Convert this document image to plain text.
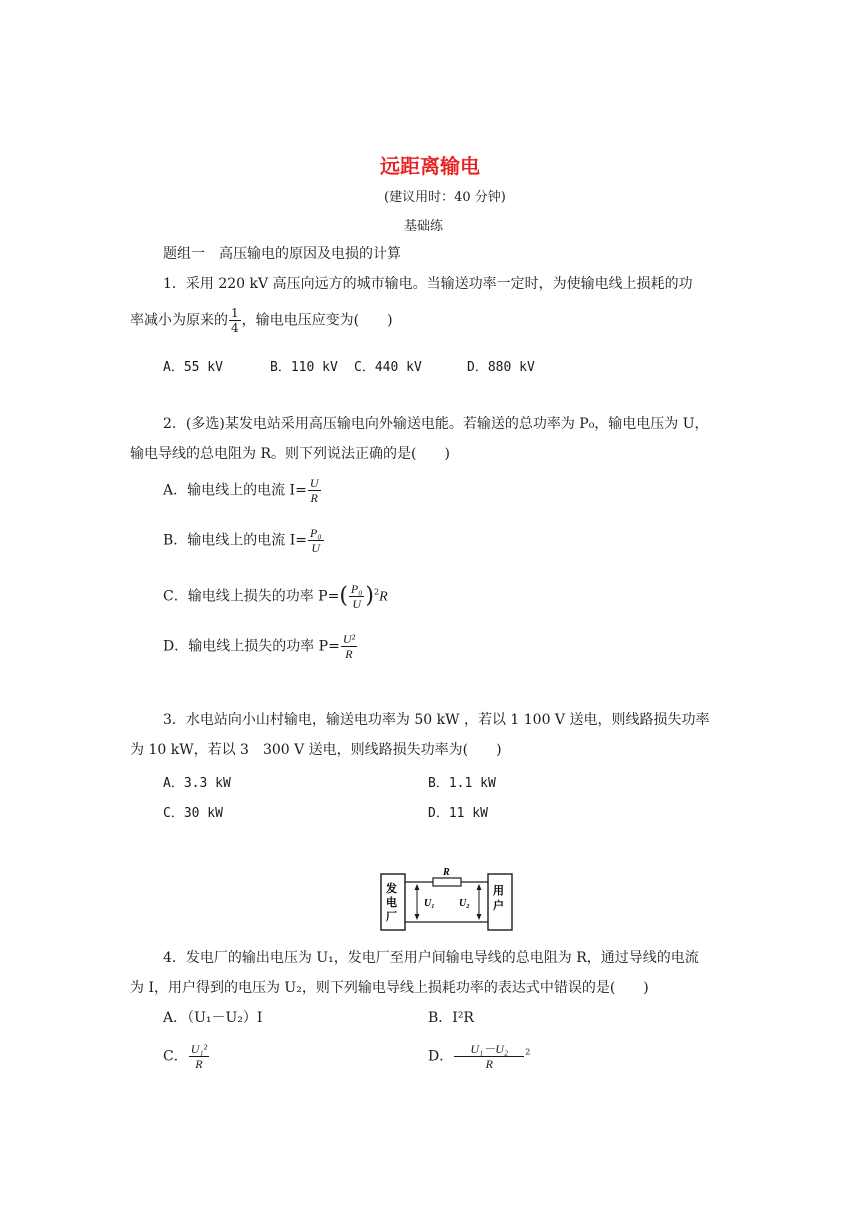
远距离输电
(建议用时：40 分钟)
基础练
题组一　高压输电的原因及电损的计算
1．采用 220 kV 高压向远方的城市输电。当输送功率一定时，为使输电线上损耗的功
率减小为原来的 $\frac{1}{4}$ ，输电电压应变为(　　)
A．55 kV	B．110 kV C．440 kV	D．880 kV
2．(多选)某发电站采用高压输电向外输送电能。若输送的总功率为 P₀，输电电压为 U，
输电导线的总电阻为 R。则下列说法正确的是(　　)
A．输电线上的电流 $I= \frac{U}{R}$
B．输电线上的电流 $I= \frac{\text{P₀}}{U}$
C．输电线上损失的功率 $P=( \frac{\text{P₀}}{U} )^2R$
D．输电线上损失的功率 $P= \frac{\text{U²}}{R}$
3．水电站向小山村输电，输送电功率为 50 kW ，若以 1 100 V 送电，则线路损失功率
为 10 kW，若以 3　300 V 送电，则线路损失功率为(　　)
A．3.3 kW	B．1.1 kW
C．30 kW	D．11 kW
R
U₁ U₂
发
电
厂
用
户
4．发电厂的输出电压为 U₁，发电厂至用户间输电导线的总电阻为 R，通过导线的电流
为 I，用户得到的电压为 U₂，则下列输电导线上损耗功率的表达式中错误的是(　　)
A．（U₁－U₂）I	B．I²R
C． $\frac{\text{U₁²}}{R}$	D． $\frac{\text{U₁－U₂}}{R} ^2$
